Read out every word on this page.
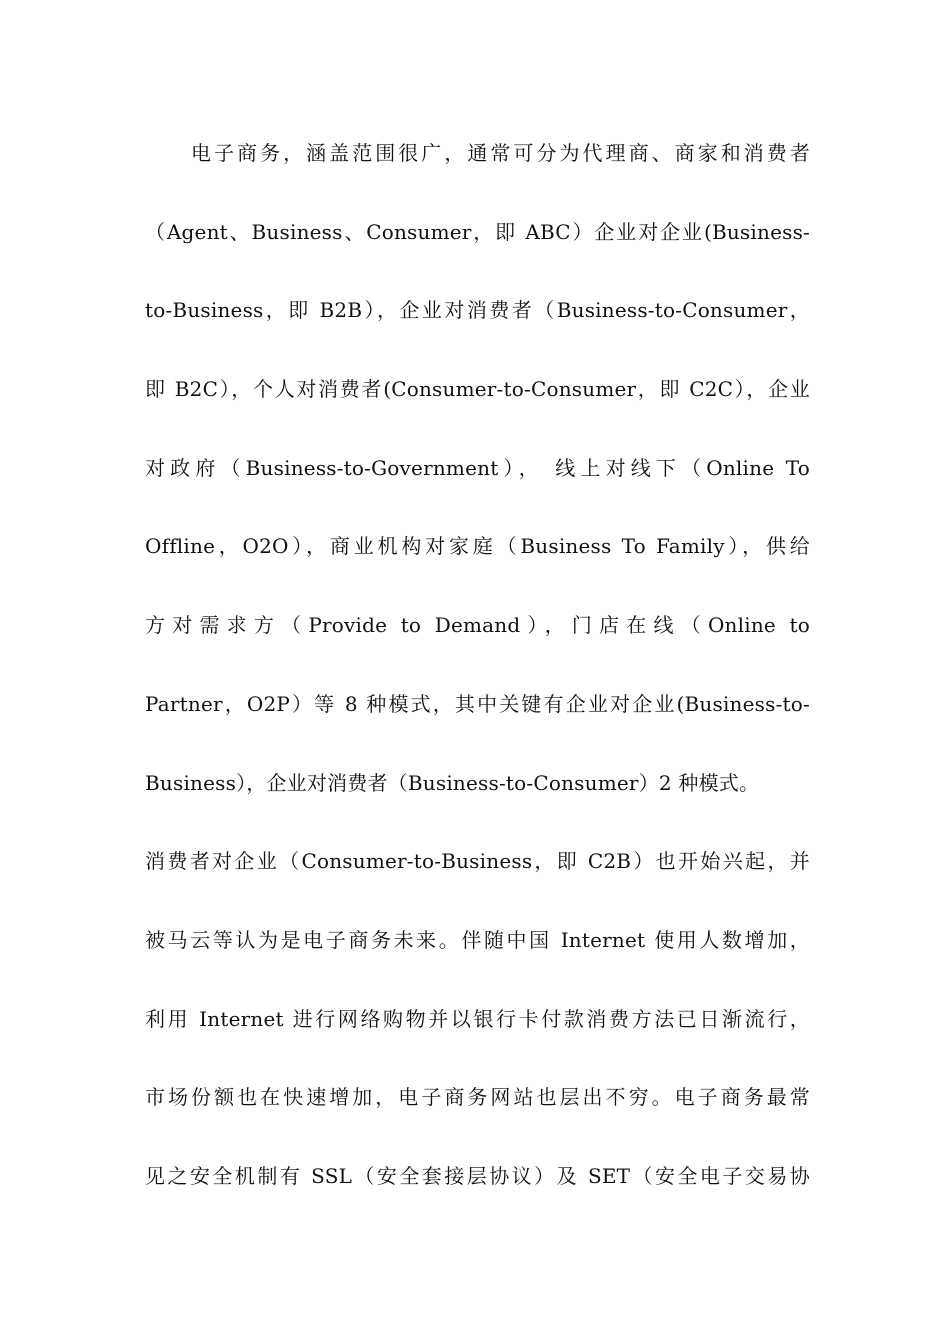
电子商务，涵盖范围很广，通常可分为代理商、商家和消费者
（Agent、Business、Consumer，即 ABC）企业对企业(Business-
to-Business，即 B2B），企业对消费者（Business-to-Consumer，
即 B2C），个人对消费者(Consumer-to-Consumer，即 C2C），企业
对政府（Business-to-Government）， 线上对线下（Online To
Offline，O2O），商业机构对家庭（Business To Family），供给
方对需求方（Provide to Demand），门店在线（Online to
Partner，O2P）等 8 种模式，其中关键有企业对企业(Business-to-
Business），企业对消费者（Business-to-Consumer）2 种模式。
消费者对企业（Consumer-to-Business，即 C2B）也开始兴起，并
被马云等认为是电子商务未来。伴随中国 Internet 使用人数增加，
利用 Internet 进行网络购物并以银行卡付款消费方法已日渐流行，
市场份额也在快速增加，电子商务网站也层出不穷。电子商务最常
见之安全机制有 SSL（安全套接层协议）及 SET（安全电子交易协
